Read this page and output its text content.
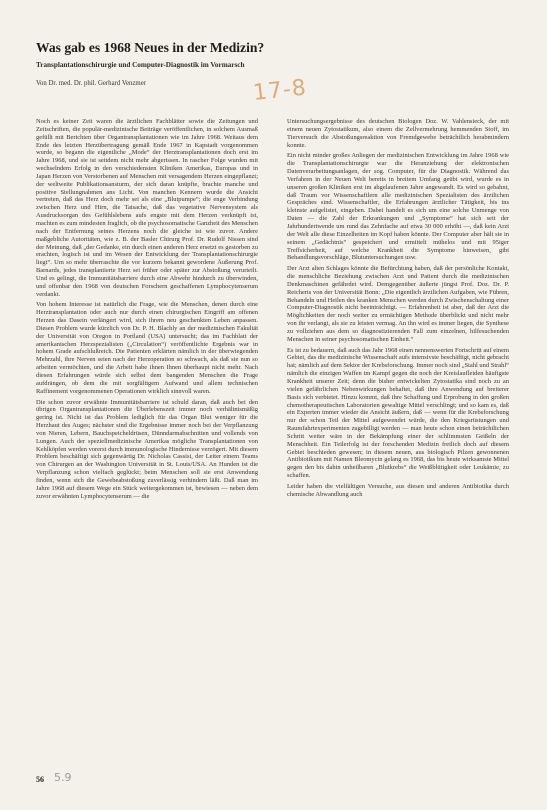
Was gab es 1968 Neues in der Medizin?
Transplantationschirurgie und Computer-Diagnostik im Vormarsch
Von Dr. med. Dr. phil. Gerhard Venzmer	17-8

Noch es keiner Zeit waren die ärztlichen Fachblätter sowie die Zeitungen und Zeitschriften, die populär-medizinische Beiträge veröffentlichen, in solchem Ausmaß gefüllt mit Berichten über Organtransplantationen wie im Jahre 1968. Weitaus dem Ende des letzten Herzübertragung gemäß Ende 1967 in Kapstadt vorgenommen wurde, so begann die eigentliche „Mode“ der Herztransplantationen doch erst im Jahre 1968, und sie ist seitdem nicht mehr abgerissen. In rascher Folge wurden mit wechselndem Erfolg in den verschiedensten Kliniken Amerikas, Europas und in Japan Herzen von Verstorbenen auf Menschen mit versagendem Herzen eingepflanzt; der weltweite Publikationsansturm, der sich daran knüpfte, brachte manche und positive Stellungnahmen ans Licht. Von manchen Kennern wurde die Ansicht vertreten, daß das Herz doch mehr sei als eine „Blutpumpe“; die enge Verbindung zwischen Herz und Hirn, die Tatsache, daß das vegetative Nervensystem als Ausdrucksorgan des Gefühlslebens aufs engste mit dem Herzen verknüpft ist, machten es zum mindesten fraglich, ob die psychosomatische Ganzheit des Menschen nach der Entfernung seines Herzens noch die gleiche ist wie zuvor. Andere maßgebliche Autoritäten, wie z. B. der Basler Chirurg Prof. Dr. Rudolf Nissen sind der Meinung, daß „der Gedanke, ein durch einen anderen Herz ersetzt es gestorben zu erachten, logisch ist und im Wesen der Entwicklung der Transplantationschirurgie liegt“. Um so mehr überraschte die vor kurzem bekannt gewordene Äußerung Prof. Barnards, jedes transplantierte Herz sei früher oder später zur Abstoßung verurteilt. Und es gelingt, die Immunitätsbarriere durch eine Abwehr hindurch zu überwinden, und offenbar den 1968 von deutschen Forschern geschaffenen Lymphocytenserum verdankt.

Von hohem Interesse ist natürlich die Frage, wie die Menschen, denen durch eine Herztransplantation oder auch nur durch einen chirurgischen Eingriff am offenen Herzen das Dasein verlängert wird, sich ihrem neu geschenkten Leben anpassen. Diesen Problem wurde kürzlich von Dr. P. H. Blachly an der medizinischen Fakultät der Universität von Oregon in Portland (USA) untersucht; das im Fachblatt der amerikanischen Herzspezialisten („Circulation“) veröffentlichte Ergebnis war in hohem Grade aufschlußreich. Die Patienten erklärten nämlich in der überwiegenden Mehrzahl, ihre Nerven seien nach der Herzoperation so schwach, als daß sie nun so arbeiten vermöchten, und die Arbeit habe ihnen Ihnen überhaupt nicht mehr. Nach diesen Erfahrungen würde sich selbst dem bangenden Menschen die Frage aufdrängen, ob dem die mit sorgfältigem Aufwand und allem technischen Raffinement vorgenommenen Operationen wirklich sinnvoll waren.

Die schon zuvor erwähnte Immunitätsbarriere ist schuld daran, daß auch bei den übrigen Organtransplantationen die Überlebenszeit immer noch verhältnismäßig gering ist. Nicht ist das Problem lediglich für das Organ Blut weniger für die Herzhaut des Auges; nächster sind die Ergebnisse immer noch bei der Verpflanzung von Nieren, Lebern, Bauchspeicheldrüsen, Dünndarmabschnitten und vollends von Lungen. Auch der speziellmedizinische Amerikas mögliche Transplantationen von Kehlköpfen werden vorerst durch immunologische Hindernisse verzögert. Mit diesem Problem beschäftigt sich gegenwärtig Dr. Nicholas Cassisi, der Leiter einem Teams von Chirurgen an der Washington Universität in St. Louis/USA. An Hunden ist die Verpflanzung schon vielfach geglückt; beim Menschen soll sie erst Anwendung finden, wenn sich die Gewebeabstoßung zuverlässig verhindern läßt. Daß man im Jahre 1968 auf diesem Wege ein Stück weitergekommen ist, bewiesen — neben dem zuvor erwähnten Lymphocytenserum — die

Untersuchungsergebnisse des deutschen Biologen Doz. W. Vahlensieck, der mit einem neuen Zytostatikum, also einem die Zellvermehrung hemmenden Stoff, im Tierversuch die Abstoßungsreaktion von Fremdgewebe beträchtlich herabmindern konnte.

Ein nicht minder großes Anliegen der medizinischen Entwicklung im Jahre 1968 wie die Transplantationschirurgie war die Heranziehung der elektronischen Datenverarbeitungsanlagen, der sog. Computer, für die Diagnostik. Während das Verfahren in der Neuen Welt bereits in breitem Umfang geübt wird, wurde es in unseren großen Kliniken erst im abgelaufenen Jahre angewandt. Es wird so gebahnt, daß Traum vor Wissenschaftlern alle medizinischen Spezialisten des ärztlichen Gespräches sind. Wissenschaftler, die Erfahrungen ärztlicher Tätigkeit, bis ins kleinste aufgelistet, eingeben. Dabei handelt es sich um eine solche Unmenge von Daten — die Zahl der Erkrankungen und „Symptome“ hat sich seit der Jahrhundertwende um rund das Zehnfache auf etwa 30 000 erhöht —, daß kein Arzt der Welt alle diese Einzelheiten im Kopf haben könnte. Der Computer aber hält sie in seinem „Gedächtnis“ gespeichert und ermittelt mühelos und mit 95iger Treffsicherheit, auf welche Krankheit die Symptome hinweisen, gibt Behandlungsvorschläge, Blutuntersuchungen usw.

Der Arzt alten Schlages könnte die Befürchtung haben, daß der persönliche Kontakt, die menschliche Beziehung zwischen Arzt und Patient durch die medizinischen Denkmaschinen gefährdet wird. Demgegenüber äußerte jüngst Prof. Doz. Dr. P. Reicherts von der Universität Bonn: „Die eigentlich ärztlichen Aufgaben, wie Führen, Behandeln und Heilen des kranken Menschen werden durch Zwischenschaltung einer Computer-Diagnostik nicht beeinträchtigt. — Erfahrenheit ist aber, daß der Arzt die Möglichkeiten der noch weiter zu ermächtigen Methode überblickt und nicht mehr von ihr verlangt, als sie zu leisten vermag. An ihn wird es immer liegen, die Synthese zu vollziehen aus dem so diagnostizierenden Fall zum einzelnen, hilfesuchenden Menschen in seiner psychosomatischen Einheit.“

Es ist zu bedauern, daß auch das Jahr 1968 einen nennenswerten Fortschritt auf einem Gebiet, das die medizinische Wissenschaft aufs intensivste beschäftigt, nicht gebracht hat; nämlich auf dem Sektor der Krebsforschung. Immer noch sind „Stahl und Strahl“ nämlich die einzigen Waffen im Kampf gegen die noch der Kreislaufleiden häufigste Krankheit unserer Zeit; denn die bisher entwickelten Zytostatika sind noch zu an vielen gefährlichen Nebenwirkungen behaftet, daß ihre Anwendung auf breiterer Basis sich verbietet. Hinzu kommt, daß ihre Schaffung und Erprobung in den großen chemotherapeutischen Laboratorien gewaltige Mittel verschlingt; und so kam es, daß ein Experten immer wieder die Ansicht äußern, daß — wenn für die Krebsforschung nur der schon Teil der Mittel aufgewendet würde, die den Kriegsrüstungen und Raumfahrtexperimenten zugebilligt werden — man heute schon einen beträchtlichen Schritt weiter wäre in der Bekämpfung einer der schlimmsten Geißeln der Menschheit. Ein Teilerfolg ist der forschenden Medizin freilich doch auf diesem Gebiet beschieden gewesen; in diesem neuen, aus biologisch Pilzen gewonnenen Antibiotikum mit Namen Bleomycin gelang es 1968, das bis heute wirksamste Mittel gegen den bis dahin unheilbaren „Blutkrebs“ die Weißblütigkeit oder Leukämie, zu schaffen.

Leider haben die vielfältigen Versuche, aus diesen und anderen Antibiotika durch chemische Abwandlung auch

56 5.9
